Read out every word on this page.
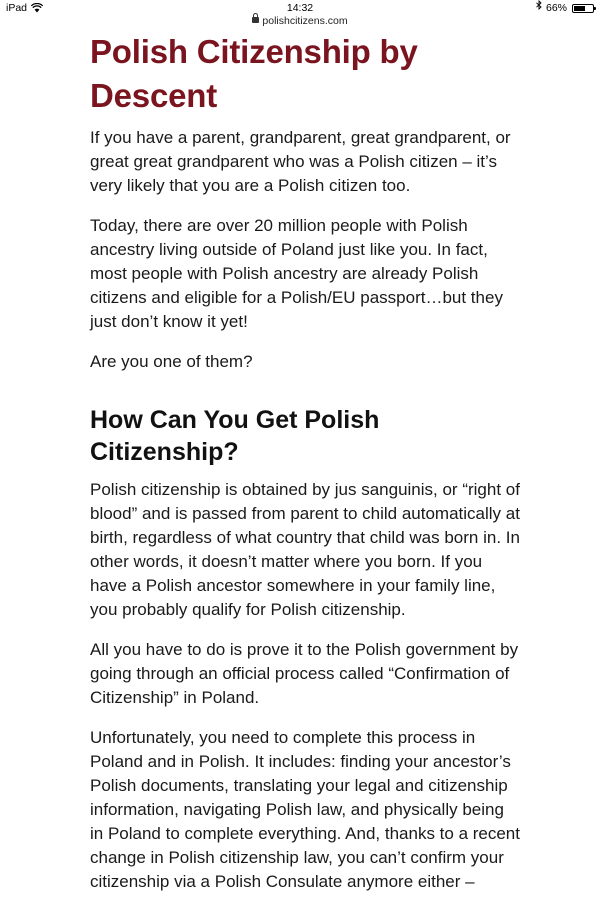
iPad	14:32	66%
polishcitizens.com
Polish Citizenship by Descent

If you have a parent, grandparent, great grandparent, or great great grandparent who was a Polish citizen – it’s very likely that you are a Polish citizen too.

Today, there are over 20 million people with Polish ancestry living outside of Poland just like you. In fact, most people with Polish ancestry are already Polish citizens and eligible for a Polish/EU passport…but they just don’t know it yet!

Are you one of them?

How Can You Get Polish Citizenship?

Polish citizenship is obtained by jus sanguinis, or “right of blood” and is passed from parent to child automatically at birth, regardless of what country that child was born in. In other words, it doesn’t matter where you born. If you have a Polish ancestor somewhere in your family line, you probably qualify for Polish citizenship.

All you have to do is prove it to the Polish government by going through an official process called “Confirmation of Citizenship” in Poland.

Unfortunately, you need to complete this process in Poland and in Polish. It includes: finding your ancestor’s Polish documents, translating your legal and citizenship information, navigating Polish law, and physically being in Poland to complete everything. And, thanks to a recent change in Polish citizenship law, you can’t confirm your citizenship via a Polish Consulate anymore either –
